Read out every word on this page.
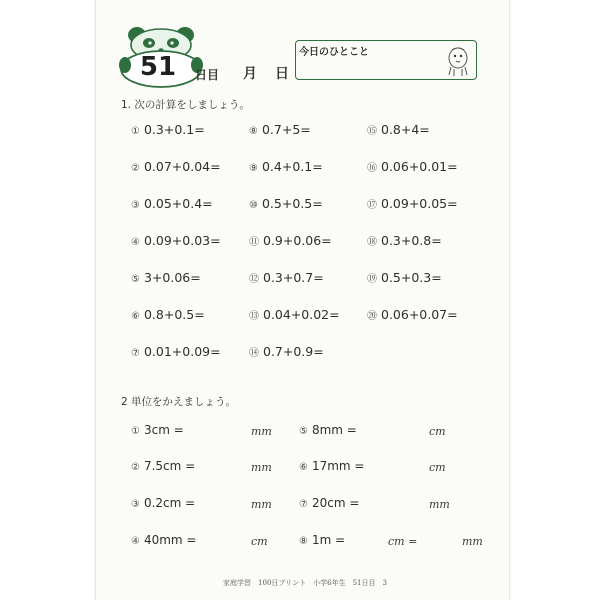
51	日目 月 日
今日のひとこと
1. 次の計算をしましょう。
① 0.3+0.1=
② 0.07+0.04=
③ 0.05+0.4=
④ 0.09+0.03=
⑤ 3+0.06=
⑥ 0.8+0.5=
⑦ 0.01+0.09=
⑧ 0.7+5=
⑨ 0.4+0.1=
⑩ 0.5+0.5=
⑪ 0.9+0.06=
⑫ 0.3+0.7=
⑬ 0.04+0.02=
⑭ 0.7+0.9=
⑮ 0.8+4=
⑯ 0.06+0.01=
⑰ 0.09+0.05=
⑱ 0.3+0.8=
⑲ 0.5+0.3=
⑳ 0.06+0.07=
2 単位をかえましょう。
① 3cm =	mm
② 7.5cm =	mm
③ 0.2cm =	mm
④ 40mm =	cm
⑤ 8mm =	cm
⑥ 17mm =	cm
⑦ 20cm =	mm
⑧ 1m =	cm =	mm
家庭学習　100日プリント　小学6年生　51日目　3
